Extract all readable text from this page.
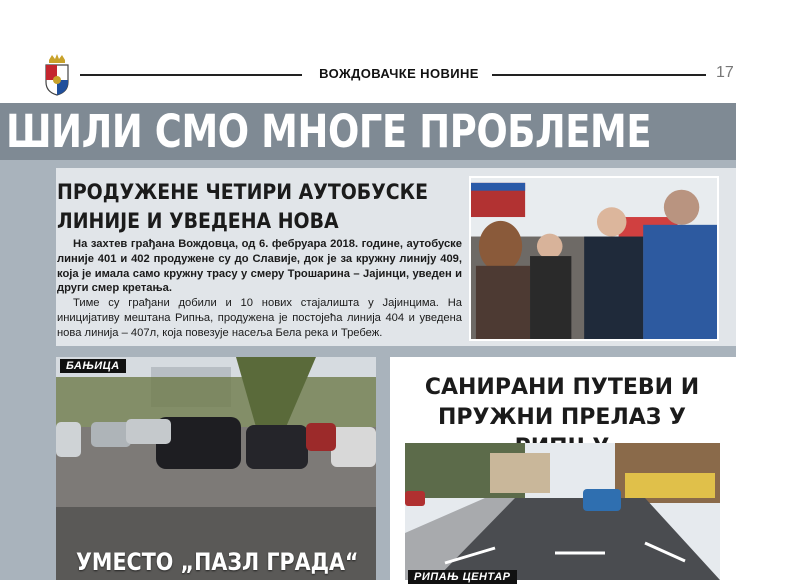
ВОЖДОВАЧКЕ НОВИНЕ	17
ШИЛИ СМО МНОГЕ ПРОБЛЕМЕ
ПРОДУЖЕНЕ ЧЕТИРИ АУТОБУСКЕ ЛИНИЈЕ И УВЕДЕНА НОВА

На захтев грађана Вождовца, од 6. фебруара 2018. године, аутобуске линије 401 и 402 продужене су до Славије, док је за кружну линију 409, која је имала само кружну трасу у смеру Трошарина – Јајинци, уведен и други смер кретања.

Тиме су грађани добили и 10 нових стајалишта у Јајинцима. На иницијативу мештана Рипња, продужена је постојећа линија 404 и уведена нова линија – 407л, која повезује насеља Бела река и Требеж.

БАЊИЦА
УМЕСТО „ПАЗЛ ГРАДА“
САНИРАНИ ПУТЕВИ И ПРУЖНИ ПРЕЛАЗ У
РИПАЊ ЦЕНТАР
